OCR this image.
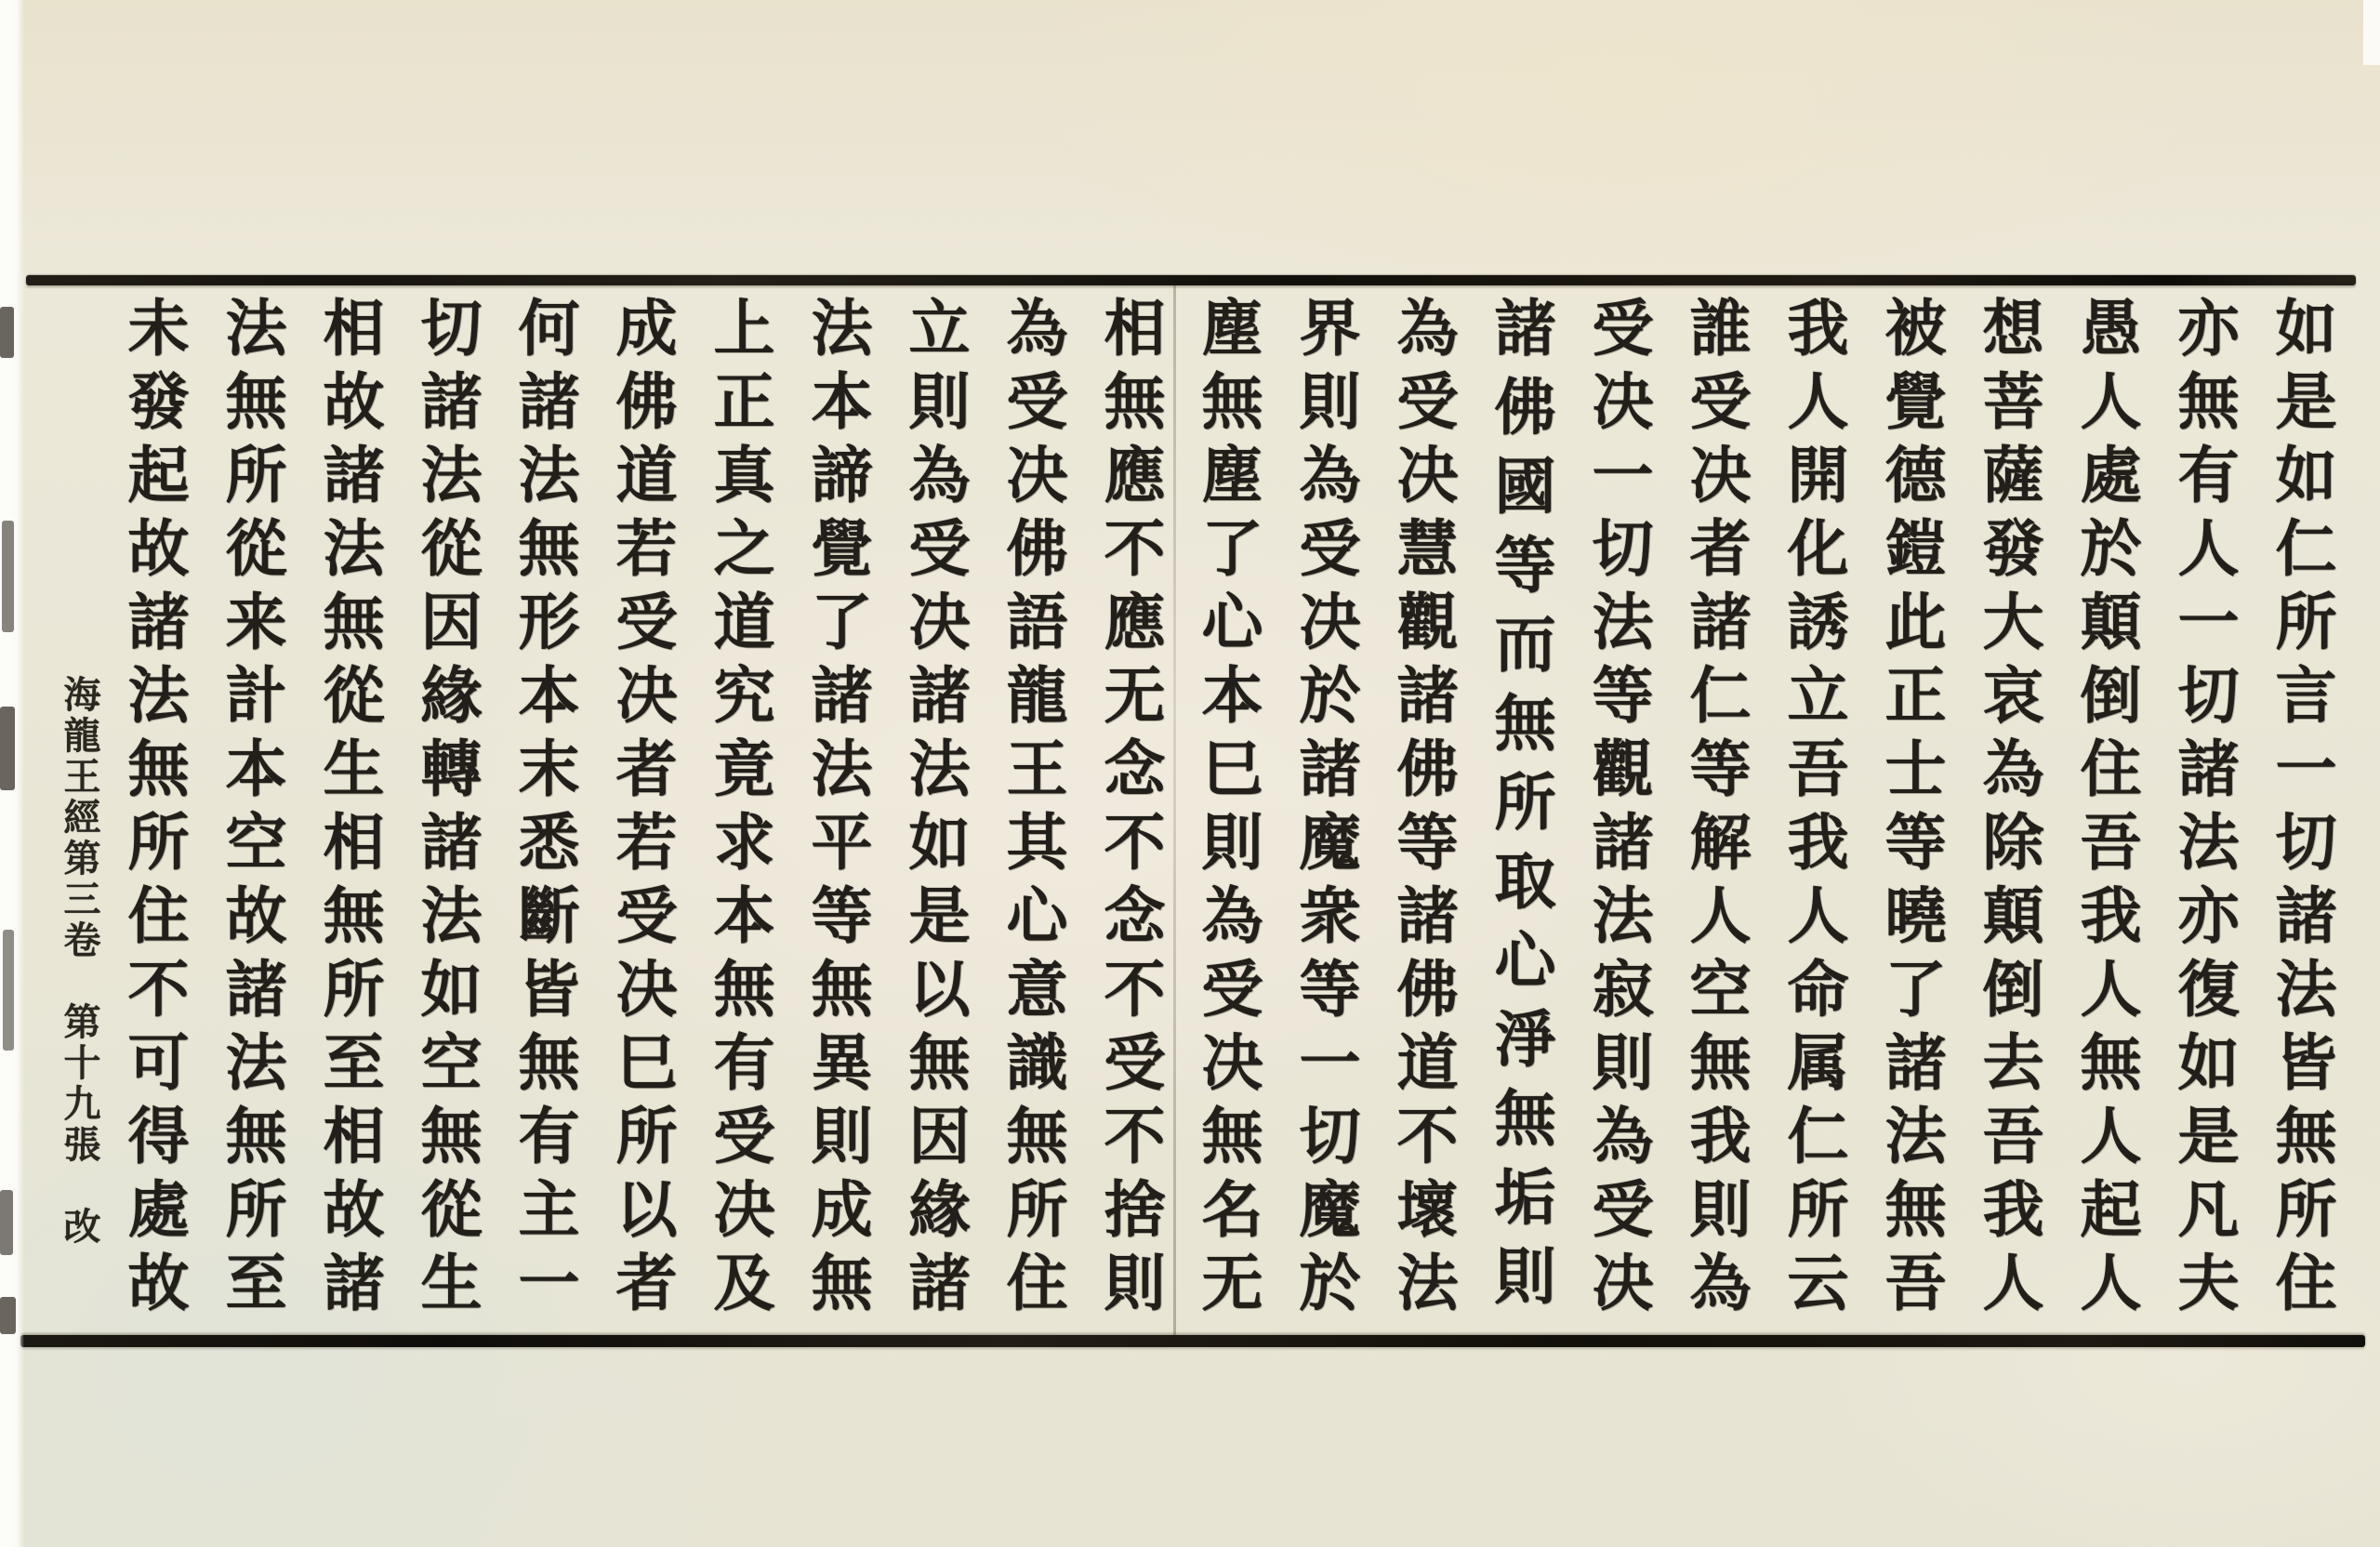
如是如仁所言一切諸法皆無所住
亦無有人一切諸法亦復如是凡夫
愚人處於顛倒住吾我人無人起人
想菩薩發大哀為除顛倒去吾我人
被覺德鎧此正士等曉了諸法無吾
我人開化誘立吾我人命属仁所云
誰受决者諸仁等解人空無我則為
受决一切法等觀諸法寂則為受决
諸佛國等而無所取心淨無垢則
為受决慧觀諸佛等諸佛道不壞法
界則為受决於諸魔衆等一切魔於
塵無塵了心本巳則為受决無名无
相無應不應无念不念不受不捨則
為受决佛語龍王其心意識無所住
立則為受决諸法如是以無因緣諸
法本諦覺了諸法平等無異則成無
上正真之道究竟求本無有受决及
成佛道若受决者若受决巳所以者
何諸法無形本末悉斷皆無有主一
切諸法從因緣轉諸法如空無從生
相故諸法無從生相無所至相故諸
法無所從来計本空故諸法無所至
未發起故諸法無所住不可得處故
海龍王經第三卷　第十九張　改
